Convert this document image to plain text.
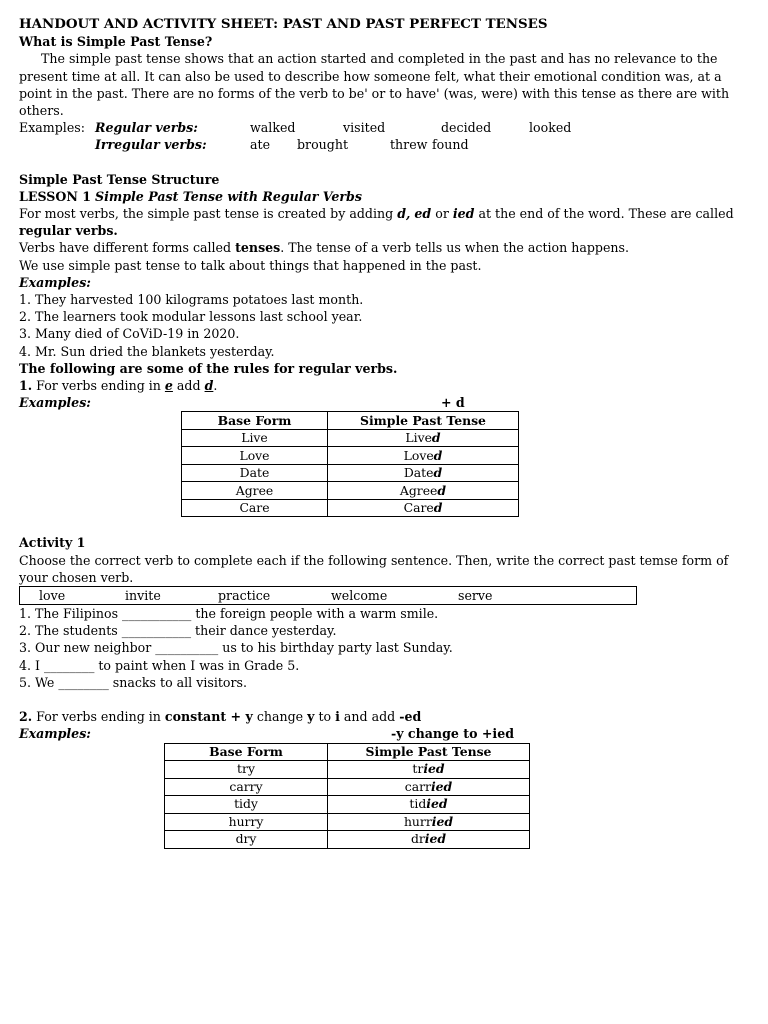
HANDOUT AND ACTIVITY SHEET: PAST AND PAST PERFECT TENSES
What is Simple Past Tense?
The simple past tense shows that an action started and completed in the past and has no relevance to the present time at all. It can also be used to describe how someone felt, what their emotional condition was, at a point in the past. There are no forms of the verb to be' or to have' (was, were) with this tense as there are with others.
Examples: Regular verbs:	walked	visited	decided	looked
Irregular verbs:	ate	brought	threw found
Simple Past Tense Structure
LESSON 1 Simple Past Tense with Regular Verbs
For most verbs, the simple past tense is created by adding d, ed or ied at the end of the word. These are called regular verbs.
Verbs have different forms called tenses. The tense of a verb tells us when the action happens.
We use simple past tense to talk about things that happened in the past.
Examples:
1. They harvested 100 kilograms potatoes last month.
2. The learners took modular lessons last school year.
3. Many died of CoViD-19 in 2020.
4. Mr. Sun dried the blankets yesterday.
The following are some of the rules for regular verbs.
1. For verbs ending in e add d.
Examples:	+ d
Base Form	Simple Past Tense
Live	Lived
Love	Loved
Date	Dated
Agree	Agreed
Care	Cared
Activity 1
Choose the correct verb to complete each if the following sentence. Then, write the correct past temse form of your chosen verb.
love	invite	practice	welcome	serve
1. The Filipinos ___________ the foreign people with a warm smile.
2. The students ___________ their dance yesterday.
3. Our new neighbor __________ us to his birthday party last Sunday.
4. I ________ to paint when I was in Grade 5.
5. We ________ snacks to all visitors.
2. For verbs ending in constant + y change y to i and add -ed
Examples:	-y change to +ied
Base Form	Simple Past Tense
try	tried
carry	carried
tidy	tidied
hurry	hurried
dry	dried
